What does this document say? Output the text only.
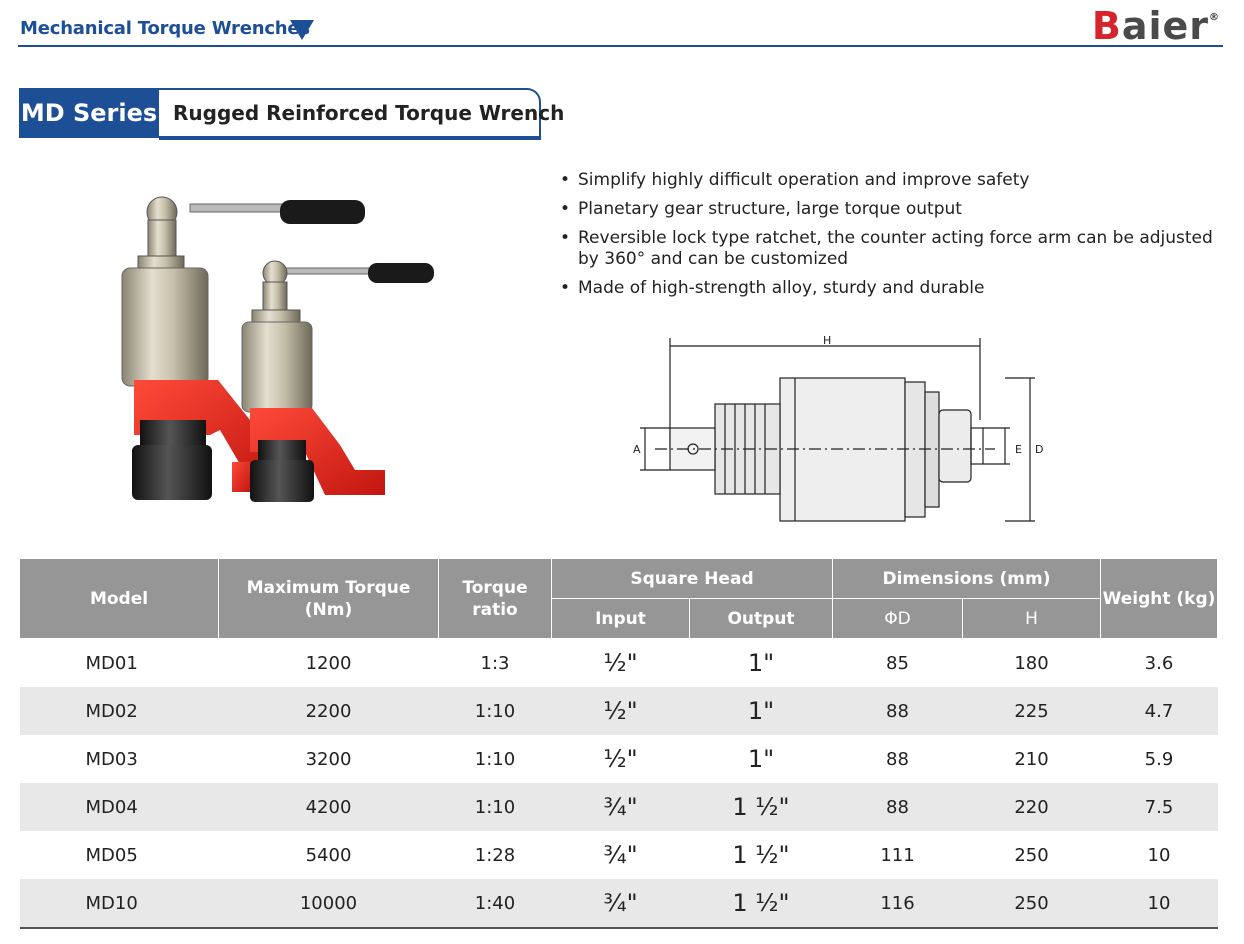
Mechanical Torque Wrenches	Baier®
MD Series Rugged Reinforced Torque Wrench
• Simplify highly difficult operation and improve safety
• Planetary gear structure, large torque output
• Reversible lock type ratchet, the counter acting force arm can be adjusted by 360° and can be customized
• Made of high-strength alloy, sturdy and durable
H
A	E D
Model	Maximum Torque (Nm)	Torque ratio	Square Head		Dimensions (mm)		Weight (kg)
			Input	Output	ΦD	H	
MD01	1200	1:3	½"	1"	85	180	3.6
MD02	2200	1:10	½"	1"	88	225	4.7
MD03	3200	1:10	½"	1"	88	210	5.9
MD04	4200	1:10	¾"	1 ½"	88	220	7.5
MD05	5400	1:28	¾"	1 ½"	111	250	10
MD10	10000	1:40	¾"	1 ½"	116	250	10
